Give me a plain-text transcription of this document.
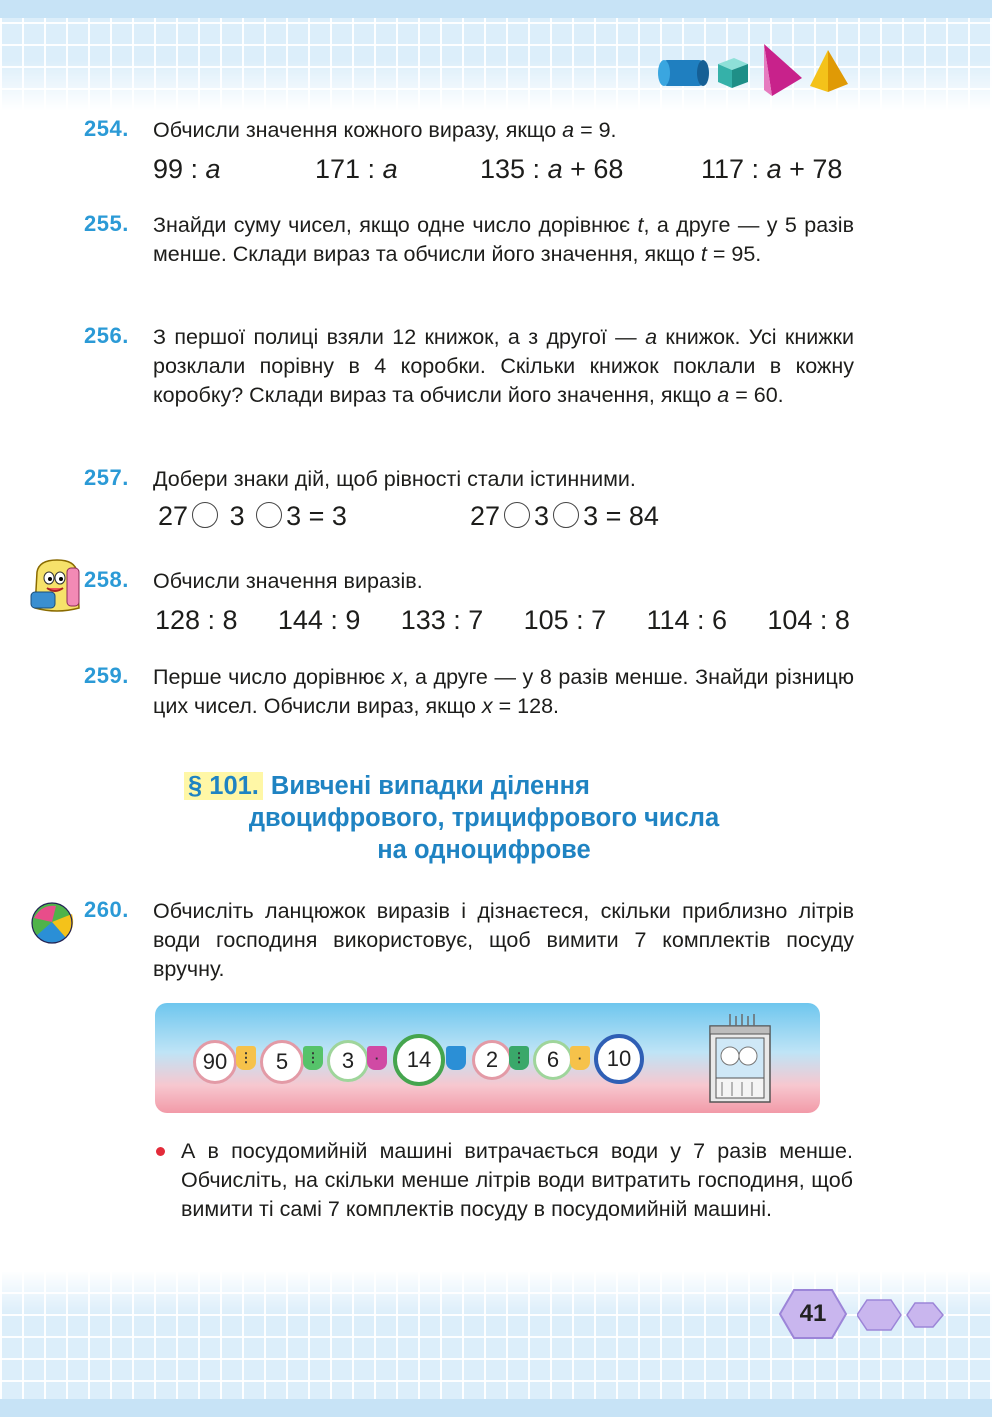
254. Обчисли значення кожного виразу, якщо a = 9.
99 : a	171 : a	135 : a + 68	117 : a + 78
255. Знайди суму чисел, якщо одне число дорівнює t, а друге — у 5 разів менше. Склади вираз та обчисли його значення, якщо t = 95.
256. З першої полиці взяли 12 книжок, а з другої — a книжок. Усі книжки розклали порівну в 4 коробки. Скільки книжок поклали в кожну коробку? Склади вираз та обчисли його значення, якщо a = 60.
257. Добери знаки дій, щоб рівності стали істинними.
27 3 3 = 3	27 3 3 = 84
258. Обчисли значення виразів.
128 : 8 144 : 9 133 : 7 105 : 7 114 : 6 104 : 8
259. Перше число дорівнює x, а друге — у 8 разів менше. Знайди різницю цих чисел. Обчисли вираз, якщо x = 128.
§ 101. Вивчені випадки ділення
двоцифрового, трицифрового числа
на одноцифрове
260. Обчисліть ланцюжок виразів і дізнаєтеся, скільки приблизно літрів води господиня використовує, щоб вимити 7 комплектів посуду вручну.
90 ⋮	5	⋮	3	·	14	2	⋮ 6	·	10
А в посудомийній машині витрачається води у 7 разів менше. Обчисліть, на скільки менше літрів води витратить господиня, щоб вимити ті самі 7 комплектів посуду в посудомийній машині.
41
